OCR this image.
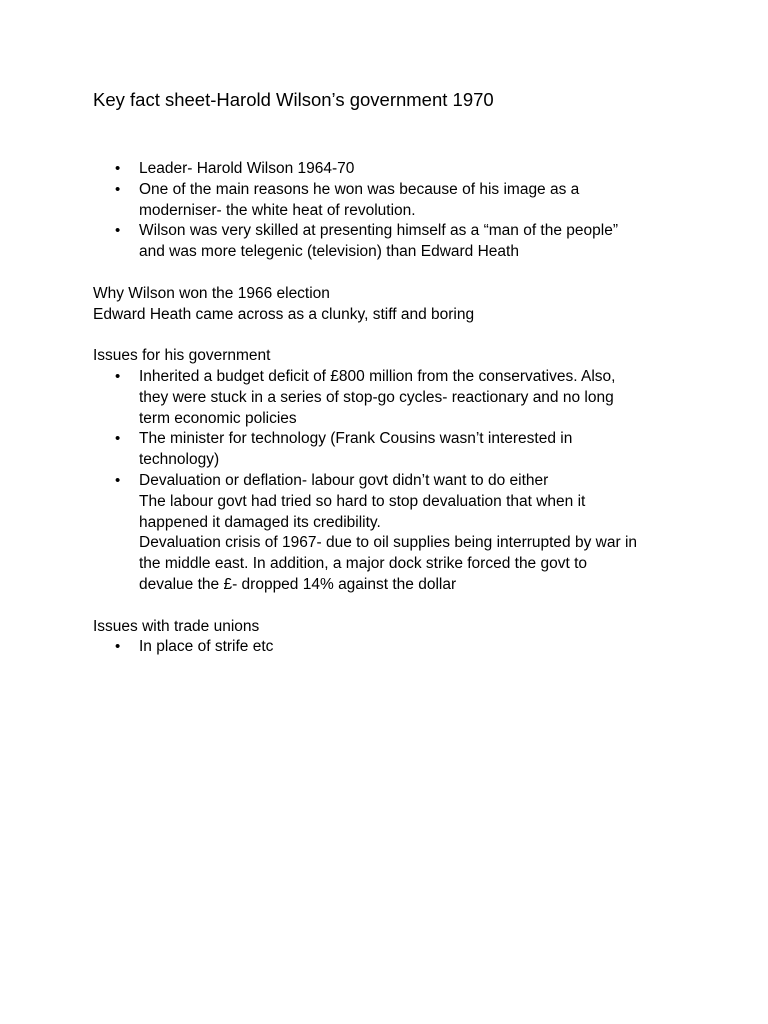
Key fact sheet-Harold Wilson’s government 1970
• Leader- Harold Wilson 1964-70
• One of the main reasons he won was because of his image as a
moderniser- the white heat of revolution.
• Wilson was very skilled at presenting himself as a “man of the people”
and was more telegenic (television) than Edward Heath

Why Wilson won the 1966 election

Edward Heath came across as a clunky, stiff and boring

Issues for his government

• Inherited a budget deficit of £800 million from the conservatives. Also,
they were stuck in a series of stop-go cycles- reactionary and no long
term economic policies
• The minister for technology (Frank Cousins wasn’t interested in
technology)
• Devaluation or deflation- labour govt didn’t want to do either
The labour govt had tried so hard to stop devaluation that when it
happened it damaged its credibility.
Devaluation crisis of 1967- due to oil supplies being interrupted by war in
the middle east. In addition, a major dock strike forced the govt to
devalue the £- dropped 14% against the dollar

Issues with trade unions

• In place of strife etc
